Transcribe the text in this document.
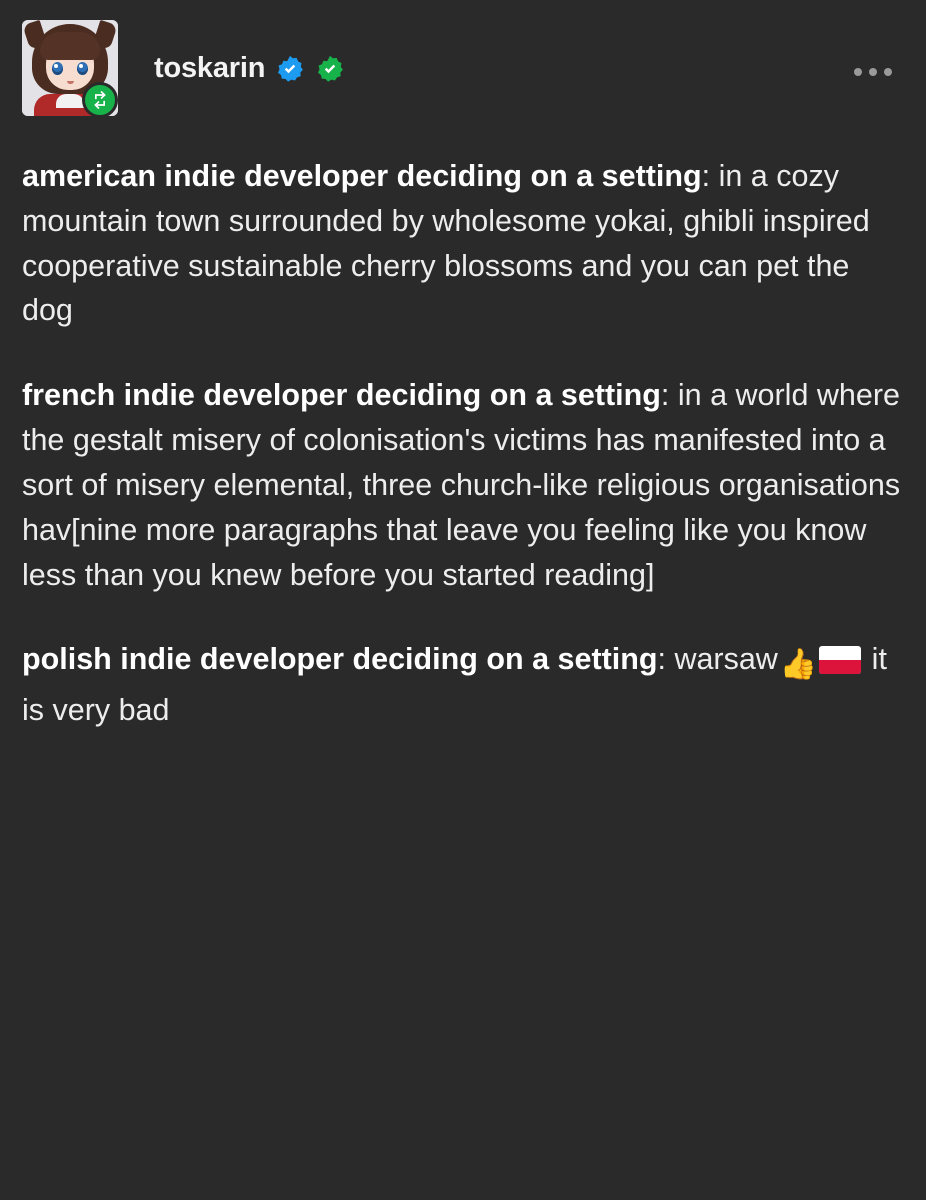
toskarin

american indie developer deciding on a setting: in a cozy mountain town surrounded by wholesome yokai, ghibli inspired cooperative sustainable cherry blossoms and you can pet the dog

french indie developer deciding on a setting: in a world where the gestalt misery of colonisation's victims has manifested into a sort of misery elemental, three church-like religious organisations hav[nine more paragraphs that leave you feeling like you know less than you knew before you started reading]

polish indie developer deciding on a setting: warsaw👍 it is very bad
